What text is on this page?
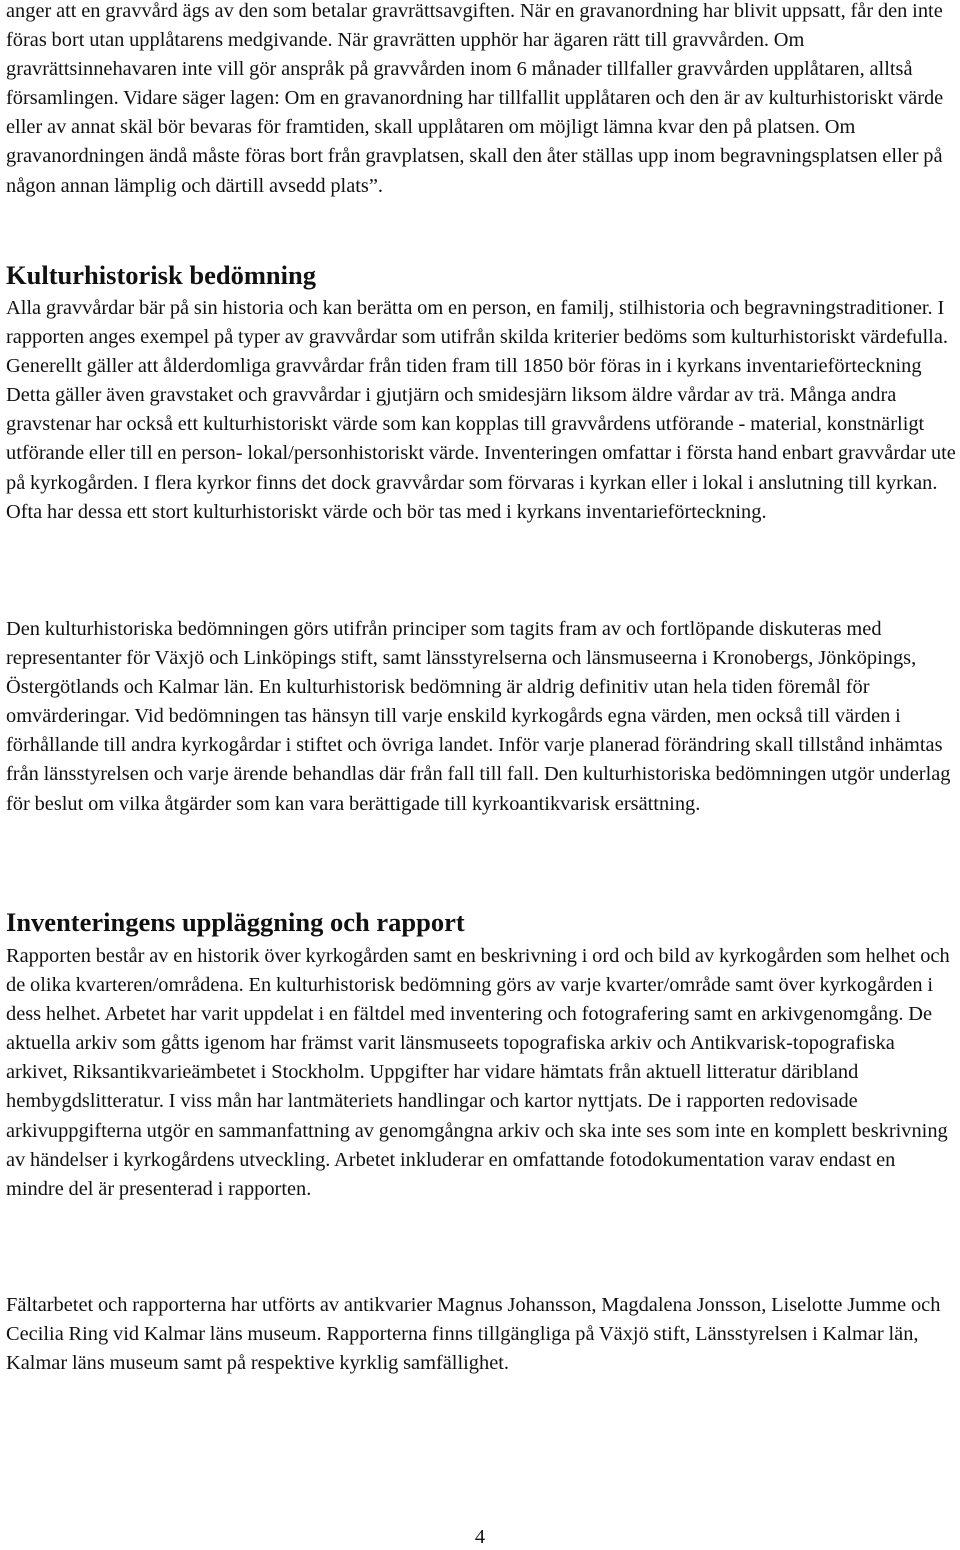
anger att en gravvård ägs av den som betalar gravrättsavgiften. När en gravanordning har blivit uppsatt, får den inte föras bort utan upplåtarens medgivande. När gravrätten upphör har ägaren rätt till gravvården. Om gravrättsinnehavaren inte vill gör anspråk på gravvården inom 6 månader tillfaller gravvården upplåtaren, alltså församlingen. Vidare säger lagen: Om en gravanordning har tillfallit upplåtaren och den är av kulturhistoriskt värde eller av annat skäl bör bevaras för framtiden, skall upplåtaren om möjligt lämna kvar den på platsen. Om gravanordningen ändå måste föras bort från gravplatsen, skall den åter ställas upp inom begravningsplatsen eller på någon annan lämplig och därtill avsedd plats”.

Kulturhistorisk bedömning

Alla gravvårdar bär på sin historia och kan berätta om en person, en familj, stilhistoria och begravningstraditioner. I rapporten anges exempel på typer av gravvårdar som utifrån skilda kriterier bedöms som kulturhistoriskt värdefulla. Generellt gäller att ålderdomliga gravvårdar från tiden fram till 1850 bör föras in i kyrkans inventarieförteckning Detta gäller även gravstaket och gravvårdar i gjutjärn och smidesjärn liksom äldre vårdar av trä. Många andra gravstenar har också ett kulturhistoriskt värde som kan kopplas till gravvårdens utförande - material, konstnärligt utförande eller till en person- lokal/personhistoriskt värde. Inventeringen omfattar i första hand enbart gravvårdar ute på kyrkogården. I flera kyrkor finns det dock gravvårdar som förvaras i kyrkan eller i lokal i anslutning till kyrkan. Ofta har dessa ett stort kulturhistoriskt värde och bör tas med i kyrkans inventarieförteckning.

Den kulturhistoriska bedömningen görs utifrån principer som tagits fram av och fortlöpande diskuteras med representanter för Växjö och Linköpings stift, samt länsstyrelserna och länsmuseerna i Kronobergs, Jönköpings, Östergötlands och Kalmar län. En kulturhistorisk bedömning är aldrig definitiv utan hela tiden föremål för omvärderingar. Vid bedömningen tas hänsyn till varje enskild kyrkogårds egna värden, men också till värden i förhållande till andra kyrkogårdar i stiftet och övriga landet. Inför varje planerad förändring skall tillstånd inhämtas från länsstyrelsen och varje ärende behandlas där från fall till fall. Den kulturhistoriska bedömningen utgör underlag för beslut om vilka åtgärder som kan vara berättigade till kyrkoantikvarisk ersättning.

Inventeringens uppläggning och rapport

Rapporten består av en historik över kyrkogården samt en beskrivning i ord och bild av kyrkogården som helhet och de olika kvarteren/områdena. En kulturhistorisk bedömning görs av varje kvarter/område samt över kyrkogården i dess helhet. Arbetet har varit uppdelat i en fältdel med inventering och fotografering samt en arkivgenomgång. De aktuella arkiv som gåtts igenom har främst varit länsmuseets topografiska arkiv och Antikvarisk-topografiska arkivet, Riksantikvarieämbetet i Stockholm. Uppgifter har vidare hämtats från aktuell litteratur däribland hembygdslitteratur. I viss mån har lantmäteriets handlingar och kartor nyttjats. De i rapporten redovisade arkivuppgifterna utgör en sammanfattning av genomgångna arkiv och ska inte ses som inte en komplett beskrivning av händelser i kyrkogårdens utveckling. Arbetet inkluderar en omfattande fotodokumentation varav endast en mindre del är presenterad i rapporten.

Fältarbetet och rapporterna har utförts av antikvarier Magnus Johansson, Magdalena Jonsson, Liselotte Jumme och Cecilia Ring vid Kalmar läns museum. Rapporterna finns tillgängliga på Växjö stift, Länsstyrelsen i Kalmar län, Kalmar läns museum samt på respektive kyrklig samfällighet.

4
